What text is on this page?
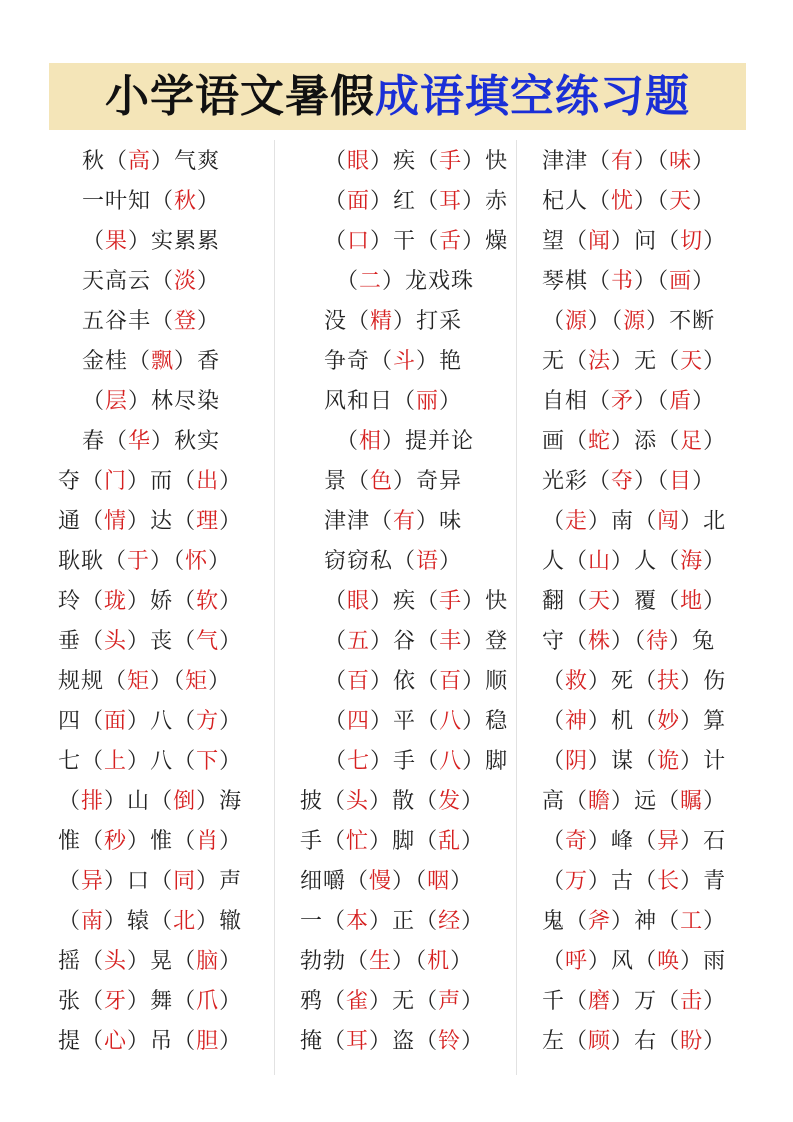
小学语文暑假成语填空练习题
秋（高）气爽
一叶知（秋）
（果）实累累
天高云（淡）
五谷丰（登）
金桂（飘）香
（层）林尽染
春（华）秋实
夺（门）而（出）
通（情）达（理）
耿耿（于）（怀）
玲（珑）娇（软）
垂（头）丧（气）
规规（矩）（矩）
四（面）八（方）
七（上）八（下）
（排）山（倒）海
惟（秒）惟（肖）
（异）口（同）声
（南）辕（北）辙
摇（头）晃（脑）
张（牙）舞（爪）
提（心）吊（胆）
（眼）疾（手）快
（面）红（耳）赤
（口）干（舌）燥
（二）龙戏珠
没（精）打采
争奇（斗）艳
风和日（丽）
（相）提并论
景（色）奇异
津津（有）味
窃窃私（语）
（眼）疾（手）快
（五）谷（丰）登
（百）依（百）顺
（四）平（八）稳
（七）手（八）脚
披（头）散（发）
手（忙）脚（乱）
细嚼（慢）（咽）
一（本）正（经）
勃勃（生）（机）
鸦（雀）无（声）
掩（耳）盗（铃）
津津（有）（味）
杞人（忧）（天）
望（闻）问（切）
琴棋（书）（画）
（源）（源）不断
无（法）无（天）
自相（矛）（盾）
画（蛇）添（足）
光彩（夺）（目）
（走）南（闯）北
人（山）人（海）
翻（天）覆（地）
守（株）（待）兔
（救）死（扶）伤
（神）机（妙）算
（阴）谋（诡）计
高（瞻）远（瞩）
（奇）峰（异）石
（万）古（长）青
鬼（斧）神（工）
（呼）风（唤）雨
千（磨）万（击）
左（顾）右（盼）
